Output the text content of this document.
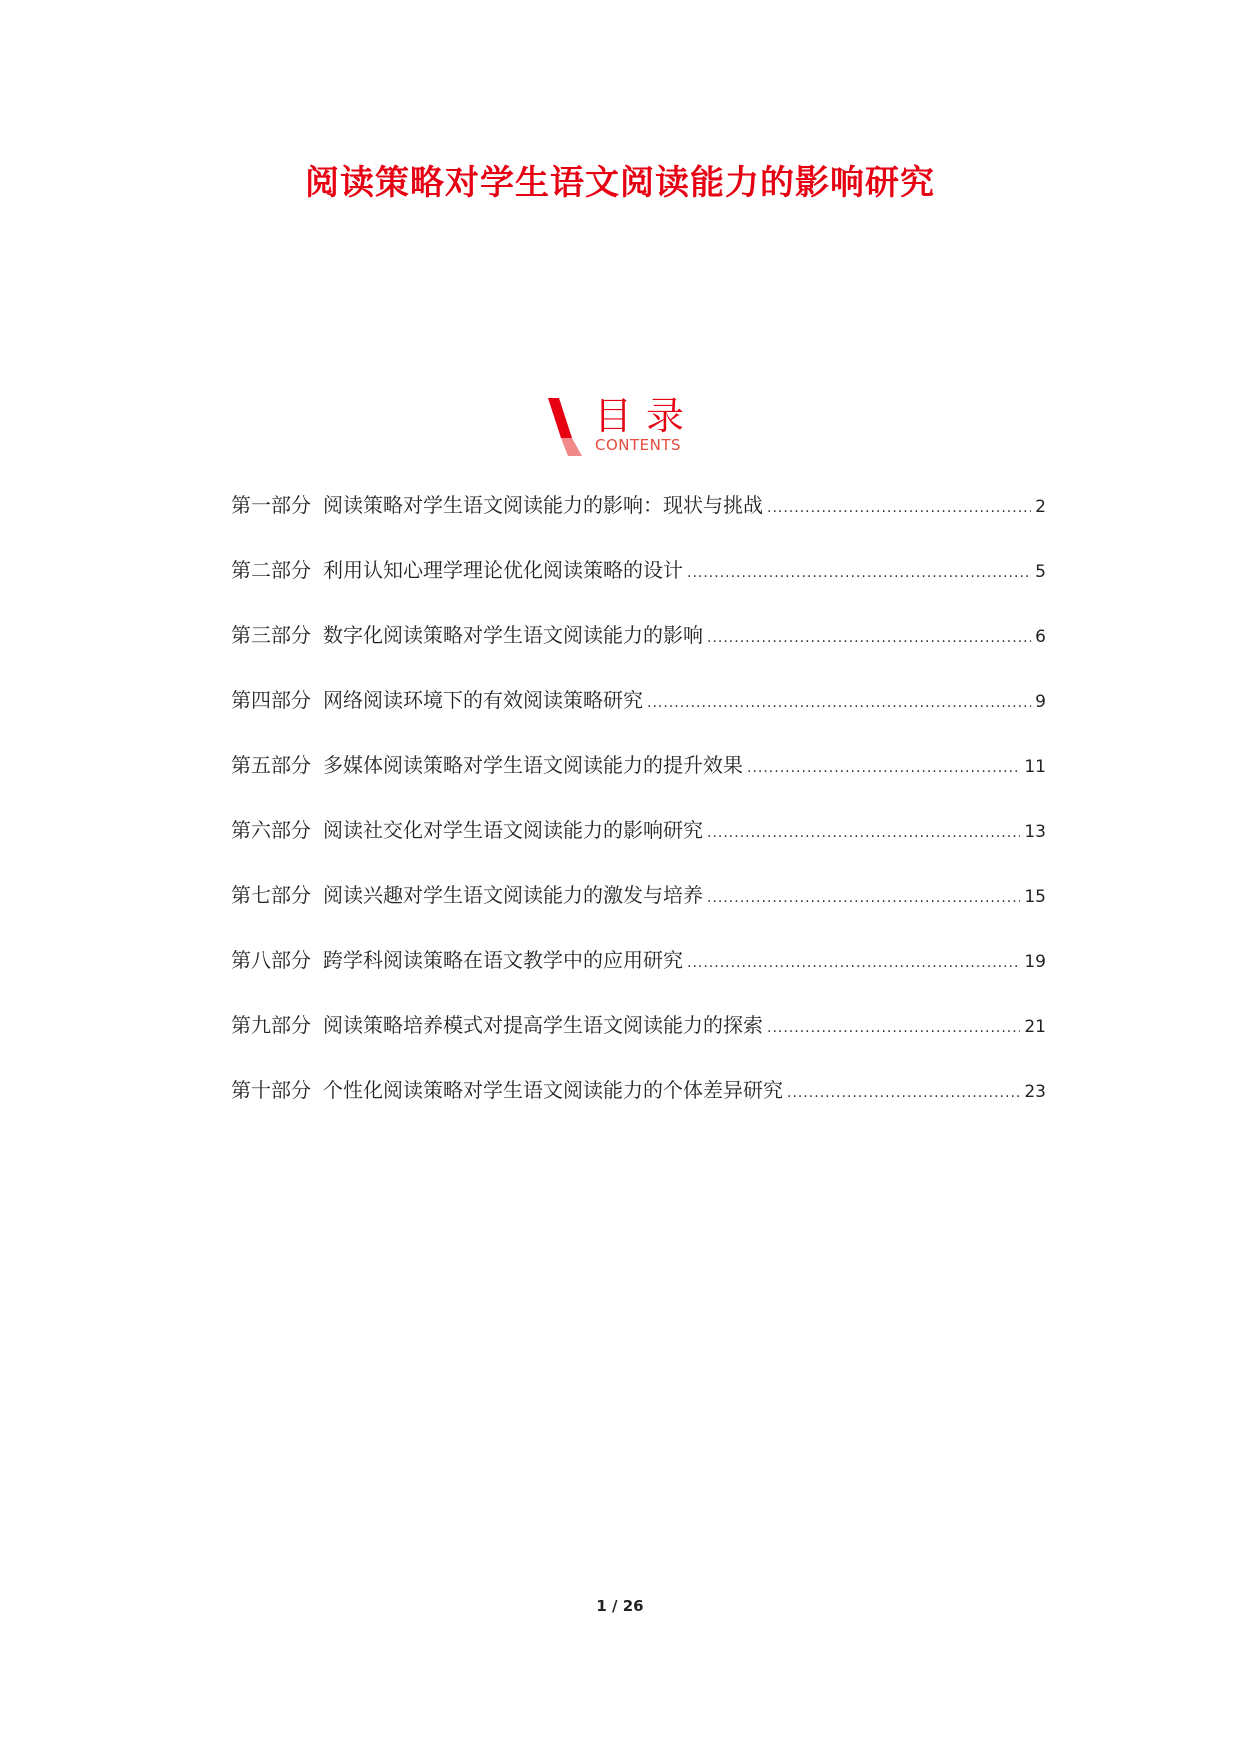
阅读策略对学生语文阅读能力的影响研究
目录
CONTENTS
第一部分 阅读策略对学生语文阅读能力的影响：现状与挑战 .....	2
第二部分 利用认知心理学理论优化阅读策略的设计 .....	5
第三部分 数字化阅读策略对学生语文阅读能力的影响 .....	6
第四部分 网络阅读环境下的有效阅读策略研究 .....	9
第五部分 多媒体阅读策略对学生语文阅读能力的提升效果 .....	11
第六部分 阅读社交化对学生语文阅读能力的影响研究 .....	13
第七部分 阅读兴趣对学生语文阅读能力的激发与培养 .....	15
第八部分 跨学科阅读策略在语文教学中的应用研究 .....	19
第九部分 阅读策略培养模式对提高学生语文阅读能力的探索 .....	21
第十部分 个性化阅读策略对学生语文阅读能力的个体差异研究 .....	23
1 / 26
